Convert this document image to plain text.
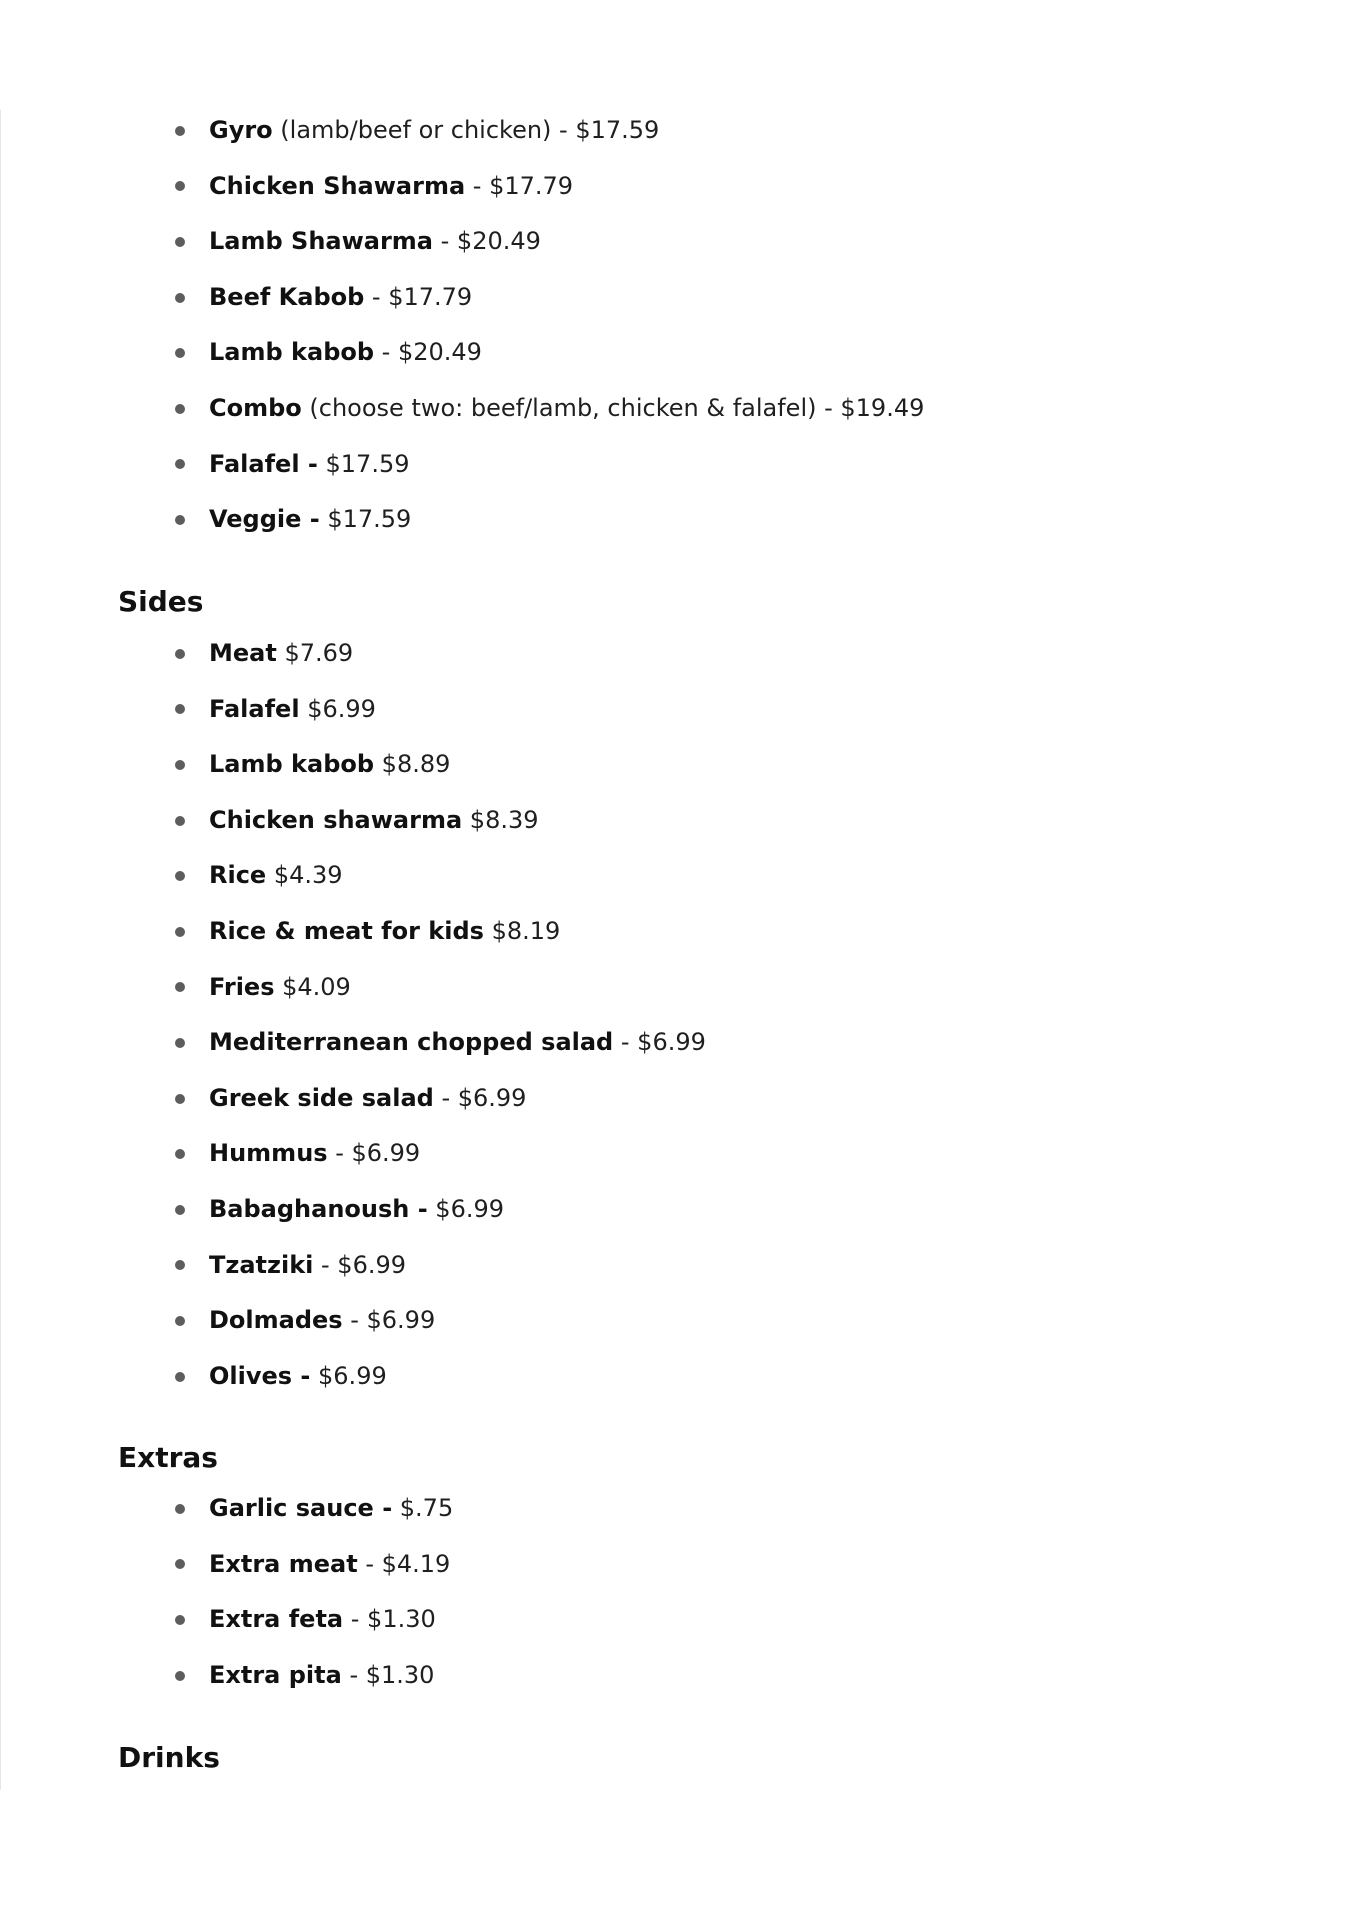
Gyro (lamb/beef or chicken) - $17.59
Chicken Shawarma - $17.79
Lamb Shawarma - $20.49
Beef Kabob - $17.79
Lamb kabob - $20.49
Combo (choose two: beef/lamb, chicken & falafel) - $19.49
Falafel - $17.59
Veggie - $17.59
Sides
Meat $7.69
Falafel $6.99
Lamb kabob $8.89
Chicken shawarma $8.39
Rice $4.39
Rice & meat for kids $8.19
Fries $4.09
Mediterranean chopped salad - $6.99
Greek side salad - $6.99
Hummus - $6.99
Babaghanoush - $6.99
Tzatziki - $6.99
Dolmades - $6.99
Olives - $6.99
Extras
Garlic sauce - $.75
Extra meat - $4.19
Extra feta - $1.30
Extra pita - $1.30
Drinks
